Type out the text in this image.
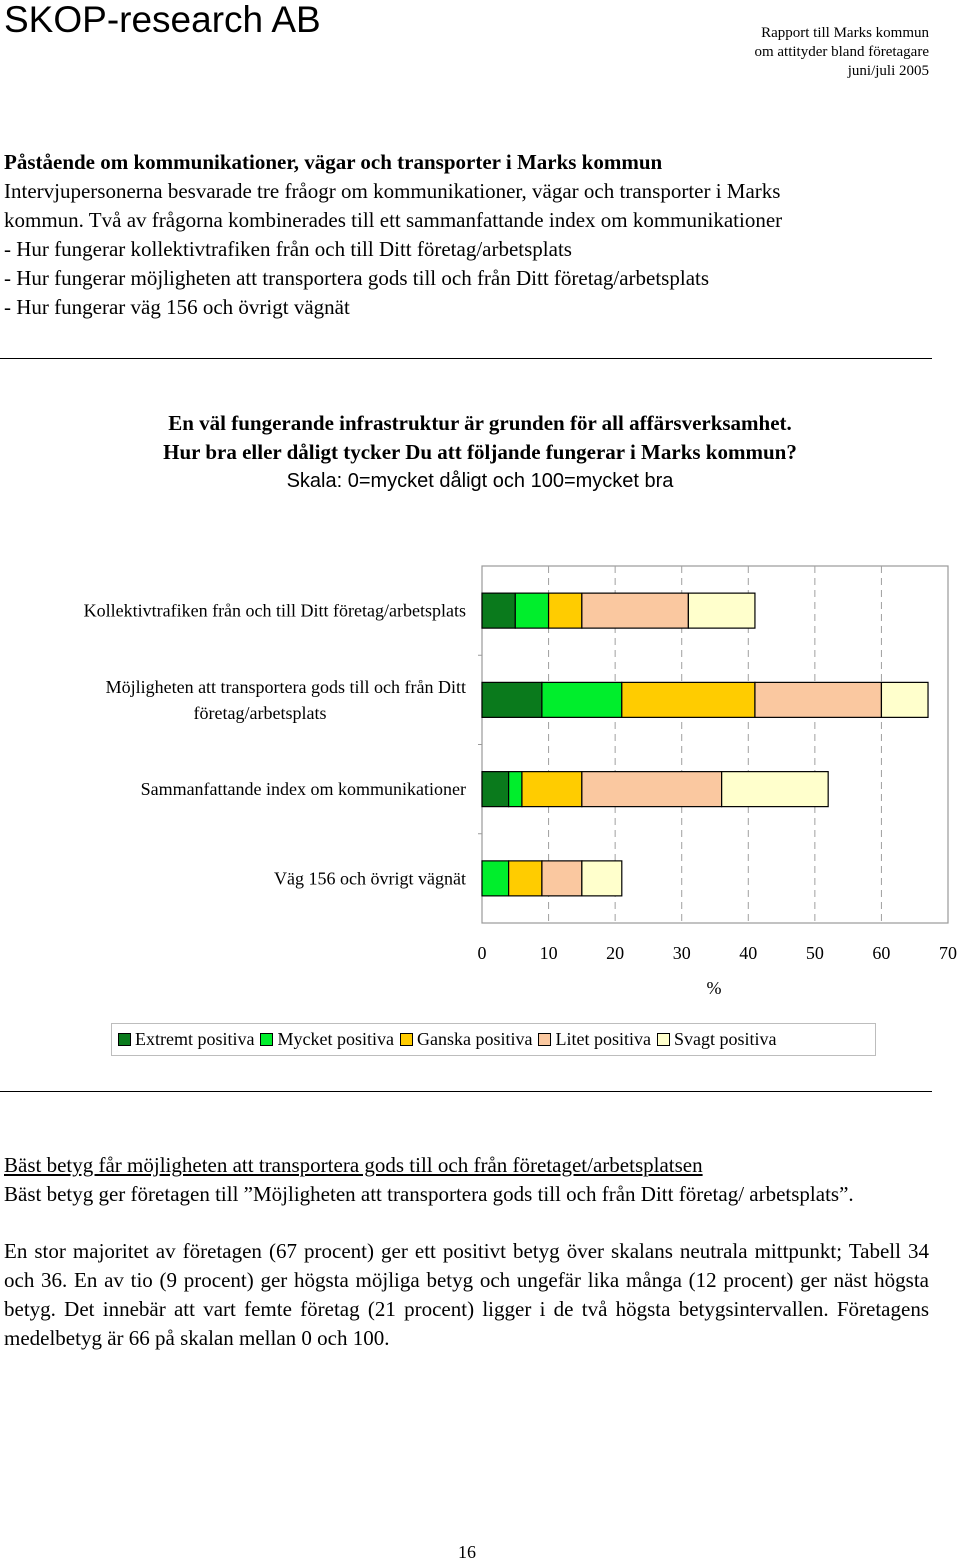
SKOP-research AB	Rapport till Marks kommun
om attityder bland företagare
juni/juli 2005
Påstående om kommunikationer, vägar och transporter i Marks kommun
Intervjupersonerna besvarade tre fråogr om kommunikationer, vägar och transporter i Marks
kommun. Två av frågorna kombinerades till ett sammanfattande index om kommunikationer
- Hur fungerar kollektivtrafiken från och till Ditt företag/arbetsplats
- Hur fungerar möjligheten att transportera gods till och från Ditt företag/arbetsplats
- Hur fungerar väg 156 och övrigt vägnät
En väl fungerande infrastruktur är grunden för all affärsverksamhet.
Hur bra eller dåligt tycker Du att följande fungerar i Marks kommun?
Skala: 0=mycket dåligt och 100=mycket bra
Kollektivtrafiken från och till Ditt företag/arbetsplats
Möjligheten att transportera gods till och från Ditt
företag/arbetsplats
Sammanfattande index om kommunikationer
Väg 156 och övrigt vägnät
0	10	20	30	40	50	60	70
%
Extremt positiva Mycket positiva Ganska positiva Litet positiva Svagt positiva
Bäst betyg får möjligheten att transportera gods till och från företaget/arbetsplatsen
Bäst betyg ger företagen till ”Möjligheten att transportera gods till och från Ditt företag/ arbetsplats”.
En stor majoritet av företagen (67 procent) ger ett positivt betyg över skalans neutrala mittpunkt; Tabell 34 och 36. En av tio (9 procent) ger högsta möjliga betyg och ungefär lika många (12 procent) ger näst högsta betyg. Det innebär att vart femte företag (21 procent) ligger i de två högsta betygsintervallen. Företagens medelbetyg är 66 på skalan mellan 0 och 100.
16
